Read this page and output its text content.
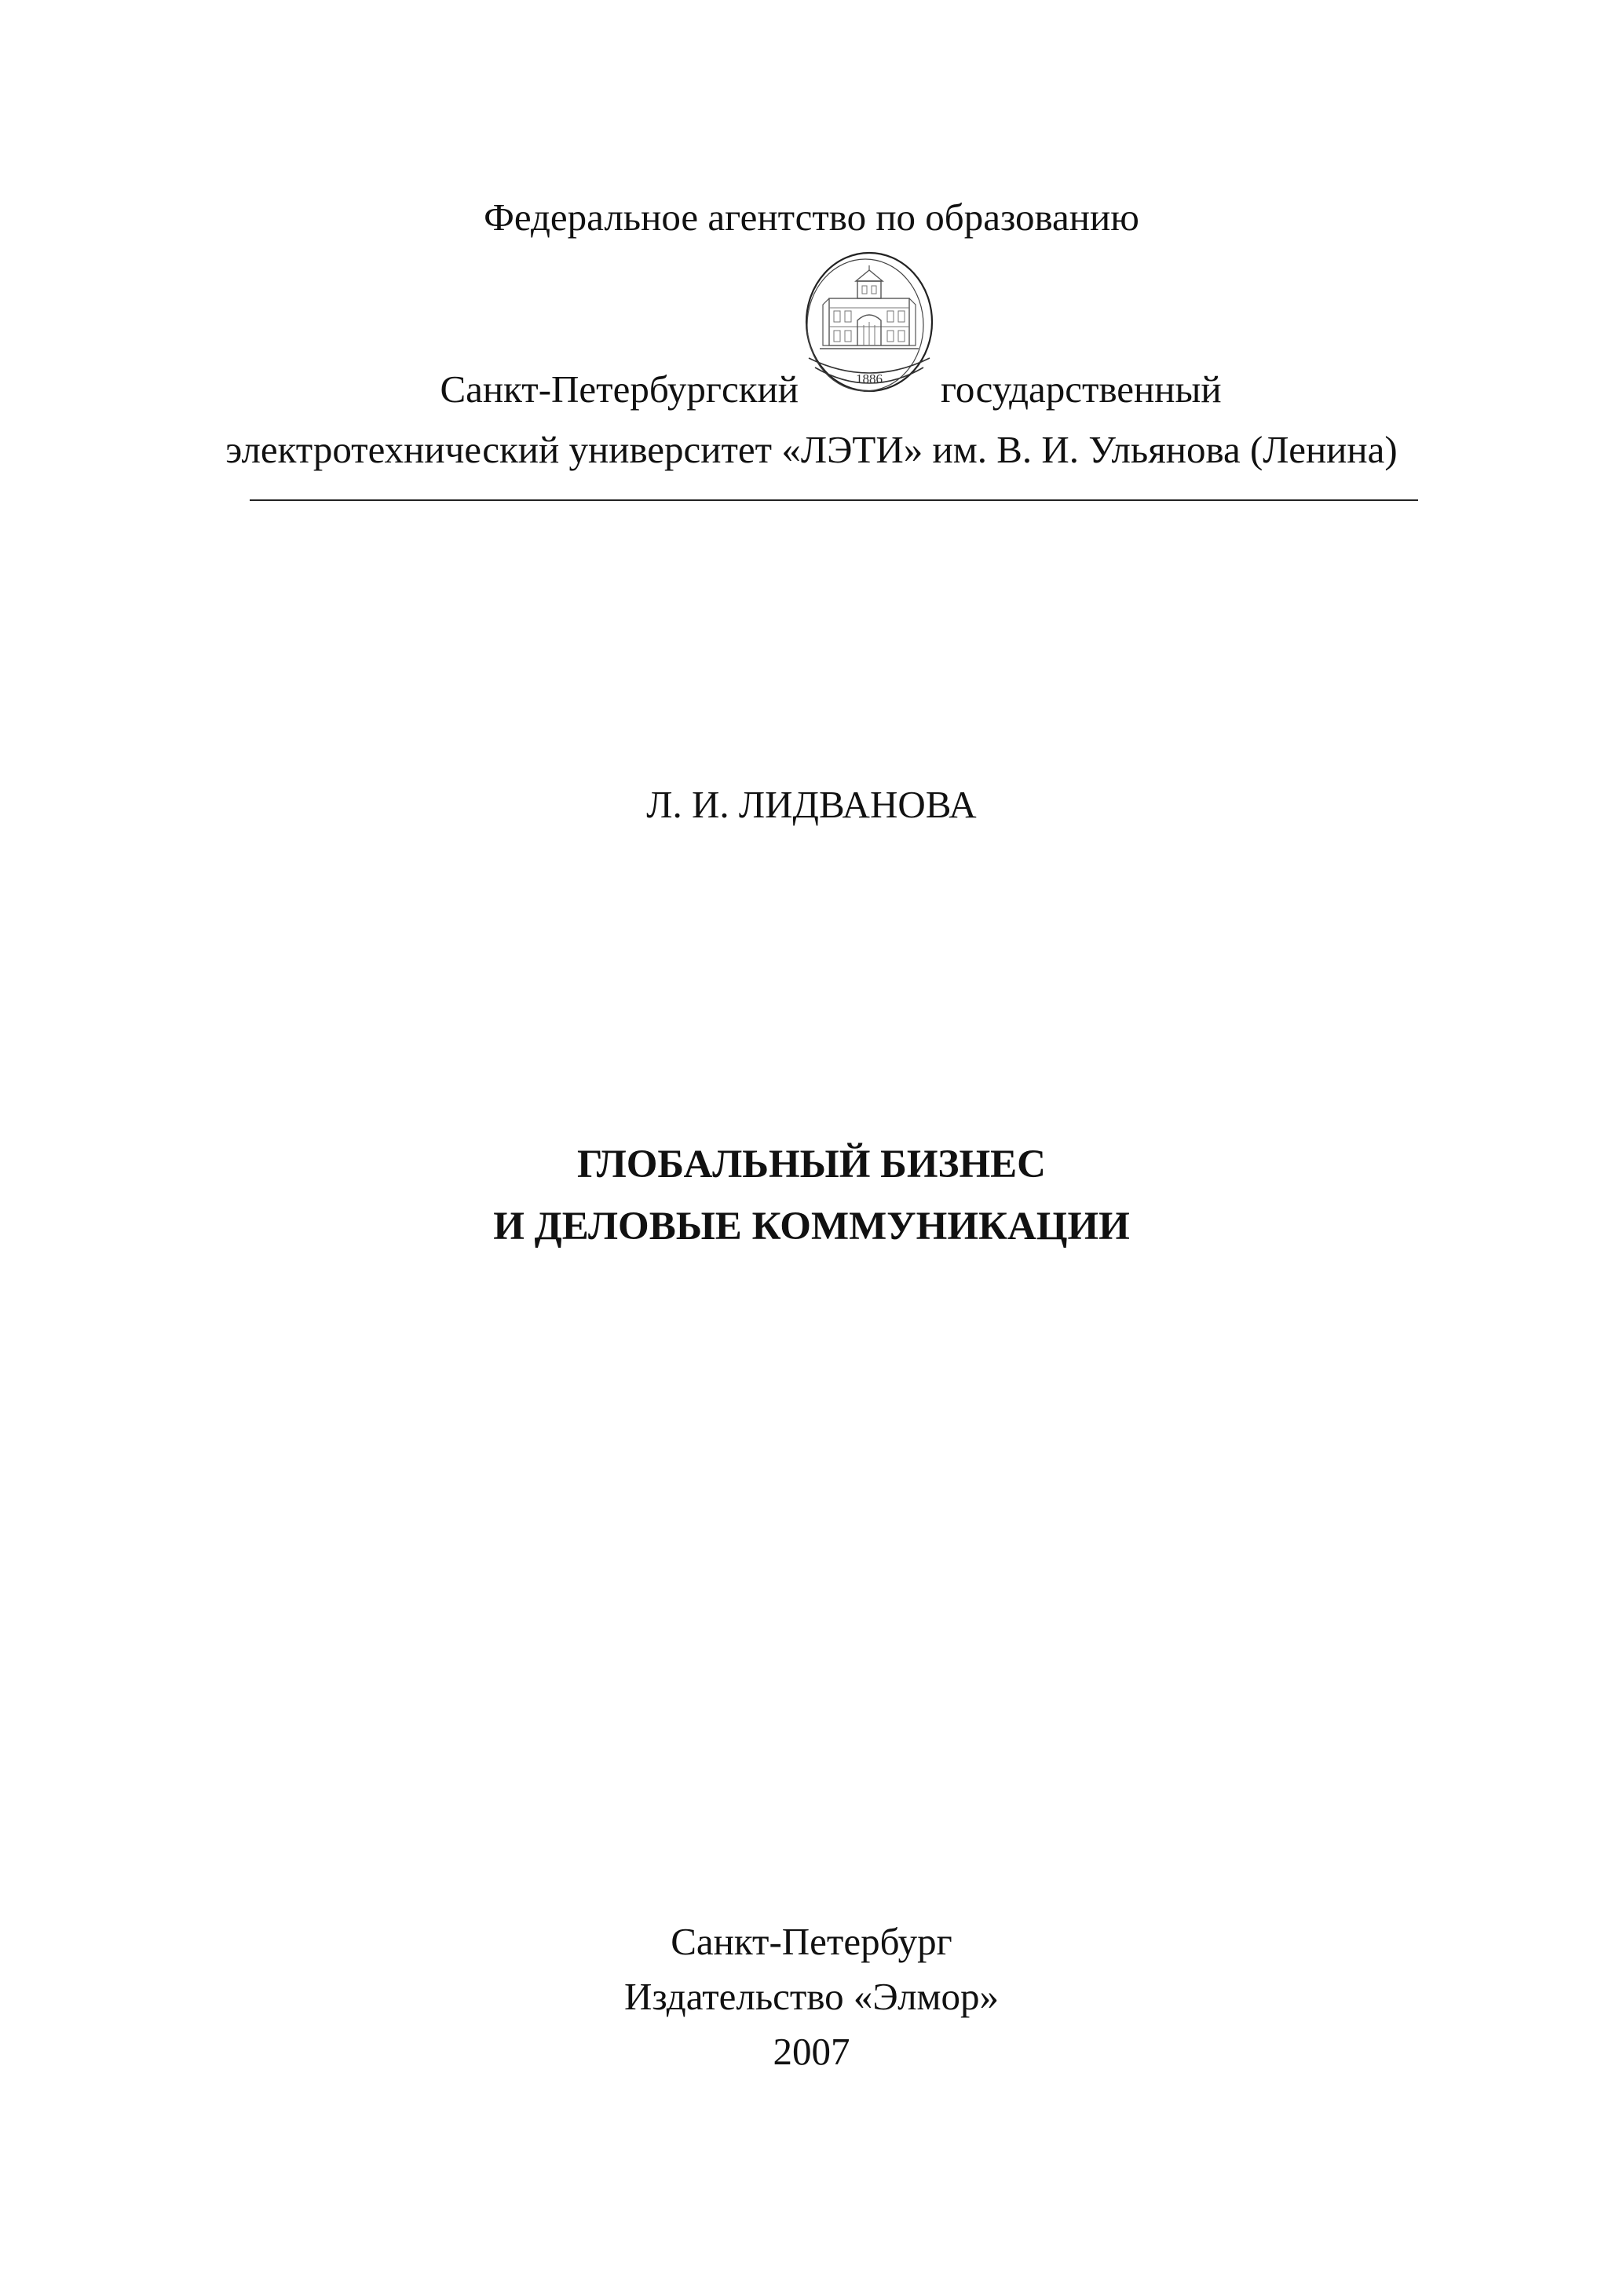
Федеральное агентство по образованию
Санкт-Петербургский	1886 государственный
электротехнический университет «ЛЭТИ» им. В. И. Ульянова (Ленина)
Л. И. ЛИДВАНОВА
ГЛОБАЛЬНЫЙ БИЗНЕС
И ДЕЛОВЫЕ КОММУНИКАЦИИ
Санкт-Петербург
Издательство «Элмор»
2007
